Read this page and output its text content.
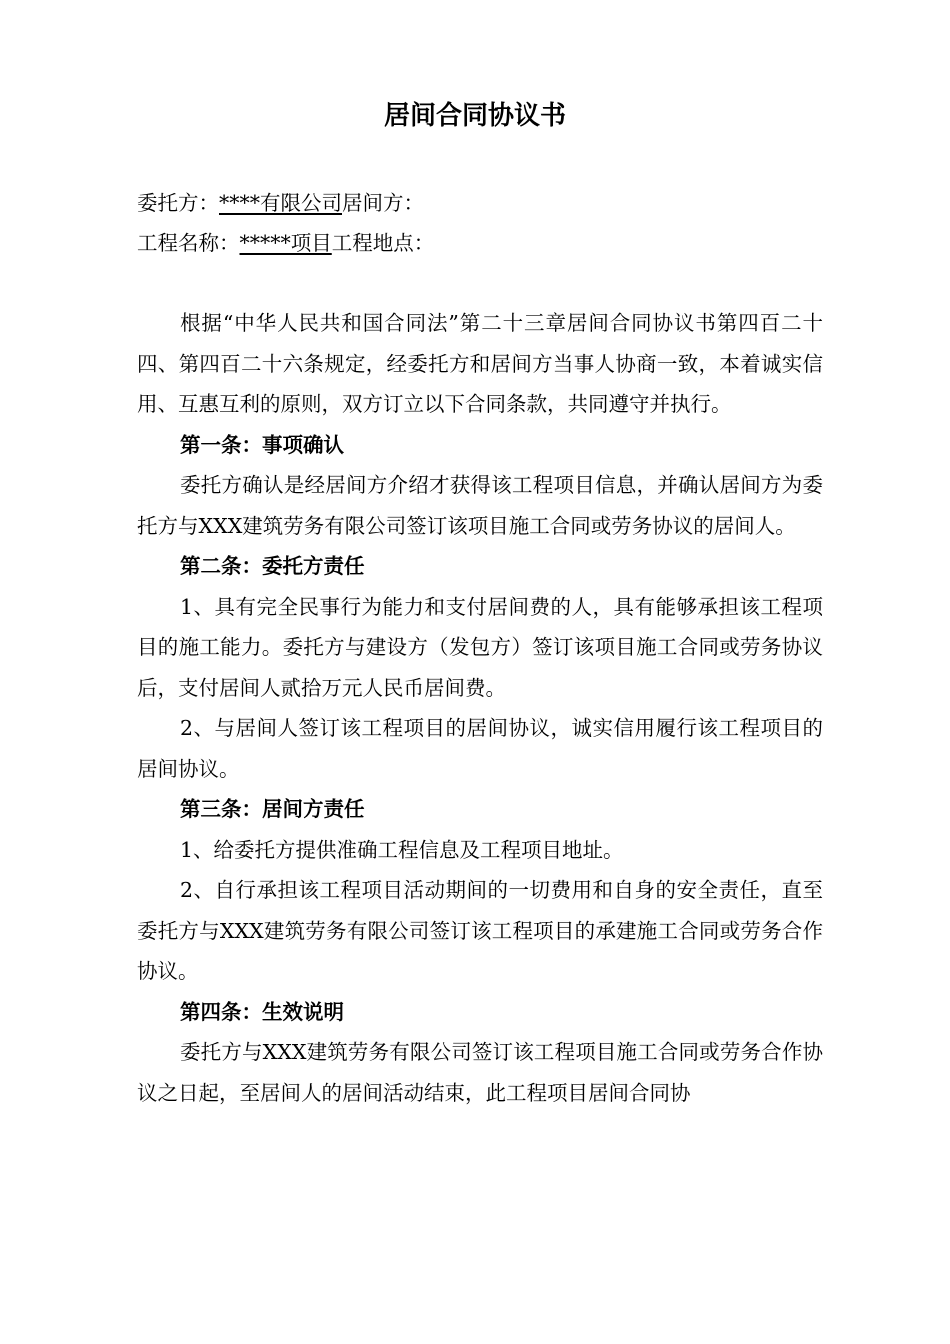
居间合同协议书
委托方：****有限公司居间方：
工程名称：*****项目工程地点：

根据“中华人民共和国合同法”第二十三章居间合同协议书第四百二十四、第四百二十六条规定，经委托方和居间方当事人协商一致，本着诚实信用、互惠互利的原则，双方订立以下合同条款，共同遵守并执行。

第一条：事项确认

委托方确认是经居间方介绍才获得该工程项目信息，并确认居间方为委托方与XXX建筑劳务有限公司签订该项目施工合同或劳务协议的居间人。

第二条：委托方责任

1、具有完全民事行为能力和支付居间费的人，具有能够承担该工程项目的施工能力。委托方与建设方（发包方）签订该项目施工合同或劳务协议后，支付居间人贰拾万元人民币居间费。

2、与居间人签订该工程项目的居间协议，诚实信用履行该工程项目的居间协议。

第三条：居间方责任

1、给委托方提供准确工程信息及工程项目地址。

2、自行承担该工程项目活动期间的一切费用和自身的安全责任，直至委托方与XXX建筑劳务有限公司签订该工程项目的承建施工合同或劳务合作协议。

第四条：生效说明

委托方与XXX建筑劳务有限公司签订该工程项目施工合同或劳务合作协议之日起，至居间人的居间活动结束，此工程项目居间合同协
